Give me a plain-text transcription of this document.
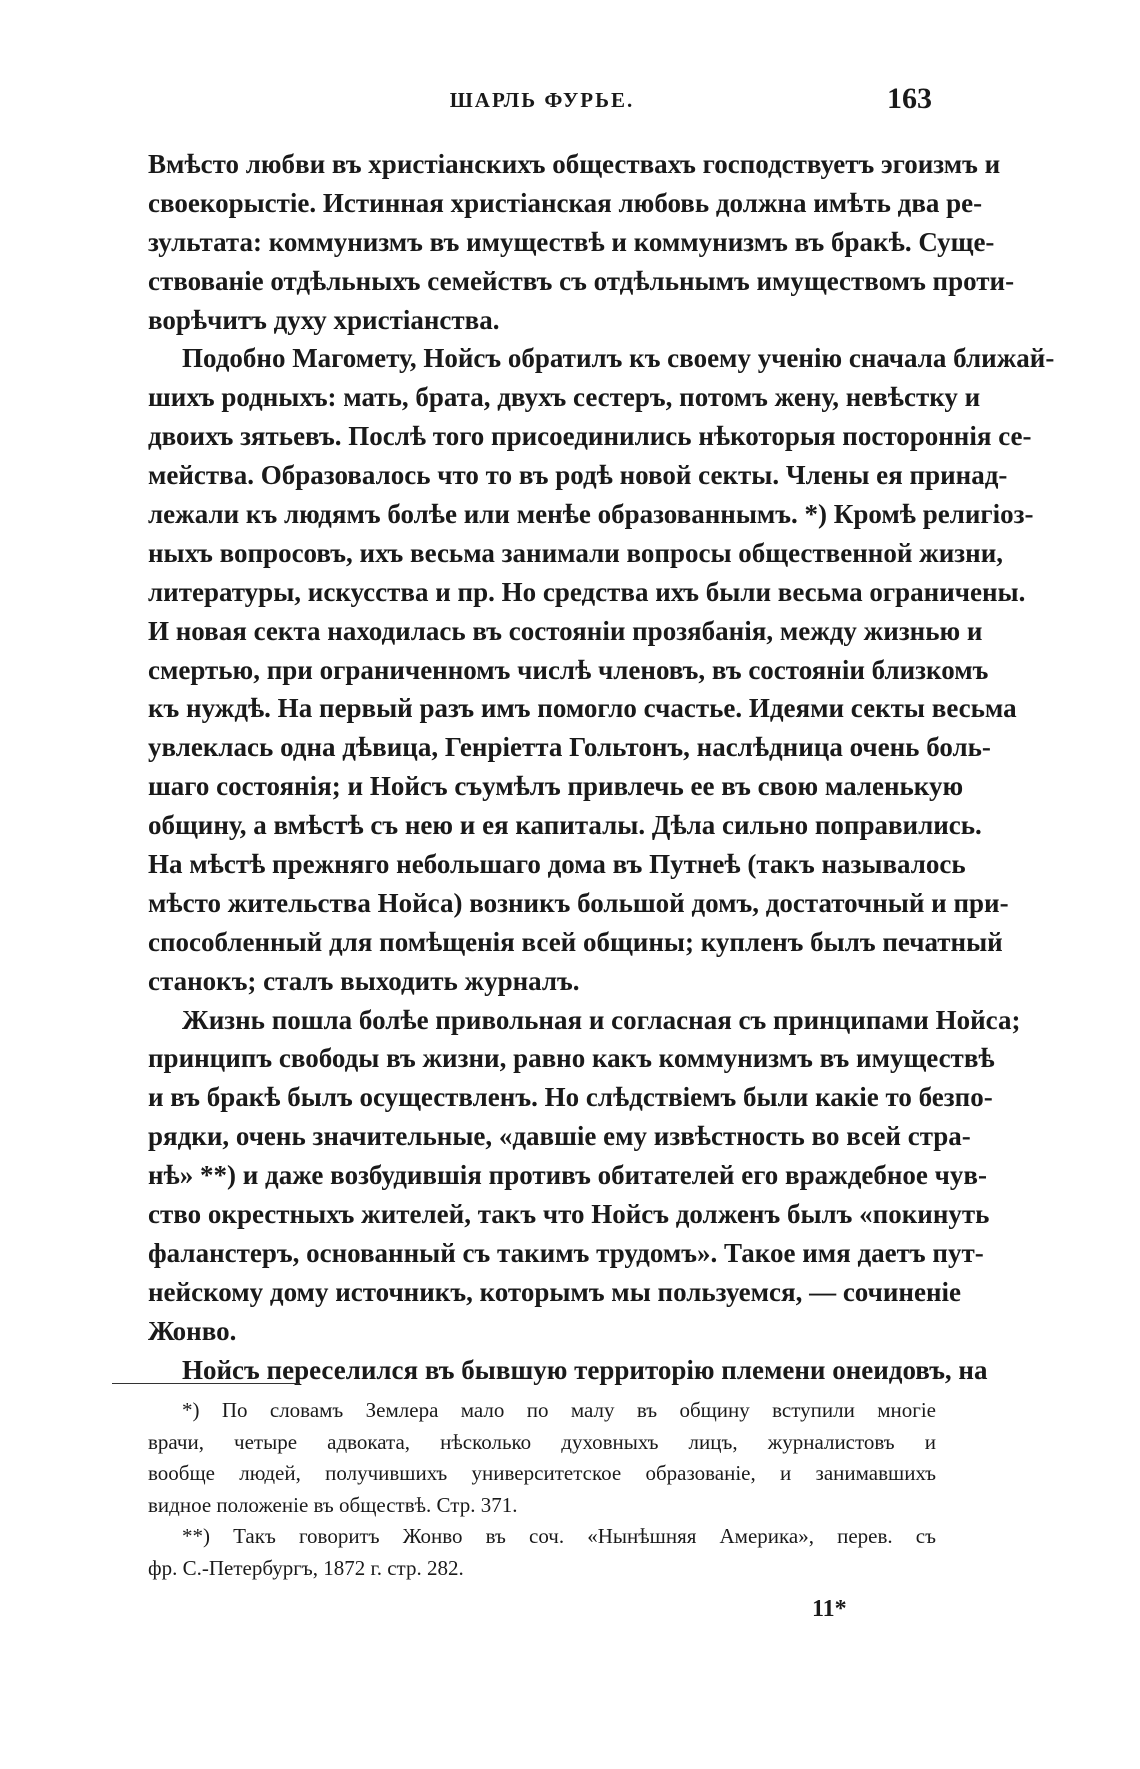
ШАРЛЬ ФУРЬЕ.	163
Вмѣсто любви въ христіанскихъ обществахъ господствуетъ эгоизмъ и
своекорыстіе. Истинная христіанская любовь должна имѣть два ре-
зультата: коммунизмъ въ имуществѣ и коммунизмъ въ бракѣ. Суще-
ствованіе отдѣльныхъ семействъ съ отдѣльнымъ имуществомъ проти-
ворѣчитъ духу христіанства.
Подобно Магомету, Нойсъ обратилъ къ своему ученію сначала ближай-
шихъ родныхъ: мать, брата, двухъ сестеръ, потомъ жену, невѣстку и
двоихъ зятьевъ. Послѣ того присоединились нѣкоторыя постороннія се-
мейства. Образовалось что то въ родѣ новой секты. Члены ея принад-
лежали къ людямъ болѣе или менѣе образованнымъ. *) Кромѣ религіоз-
ныхъ вопросовъ, ихъ весьма занимали вопросы общественной жизни,
литературы, искусства и пр. Но средства ихъ были весьма ограничены.
И новая секта находилась въ состояніи прозябанія, между жизнью и
смертью, при ограниченномъ числѣ членовъ, въ состояніи близкомъ
къ нуждѣ. На первый разъ имъ помогло счастье. Идеями секты весьма
увлеклась одна дѣвица, Генріетта Гольтонъ, наслѣдница очень боль-
шаго состоянія; и Нойсъ съумѣлъ привлечь ее въ свою маленькую
общину, а вмѣстѣ съ нею и ея капиталы. Дѣла сильно поправились.
На мѣстѣ прежняго небольшаго дома въ Путнеѣ (такъ называлось
мѣсто жительства Нойса) возникъ большой домъ, достаточный и при-
способленный для помѣщенія всей общины; купленъ былъ печатный
станокъ; сталъ выходить журналъ.
Жизнь пошла болѣе привольная и согласная съ принципами Нойса;
принципъ свободы въ жизни, равно какъ коммунизмъ въ имуществѣ
и въ бракѣ былъ осуществленъ. Но слѣдствіемъ были какіе то безпо-
рядки, очень значительные, «давшіе ему извѣстность во всей стра-
нѣ» **) и даже возбудившія противъ обитателей его враждебное чув-
ство окрестныхъ жителей, такъ что Нойсъ долженъ былъ «покинуть
фаланстеръ, основанный съ такимъ трудомъ». Такое имя даетъ пут-
нейскому дому источникъ, которымъ мы пользуемся, — сочиненіе
Жонво.
Нойсъ переселился въ бывшую территорію племени онеидовъ, на
*) По словамъ Землера мало по малу въ общину вступили многіе
врачи, четыре адвоката, нѣсколько духовныхъ лицъ, журналистовъ и
вообще людей, получившихъ университетское образованіе, и занимавшихъ
видное положеніе въ обществѣ. Стр. 371.
**) Такъ говоритъ Жонво въ соч. «Нынѣшняя Америка», перев. съ
фр. С.-Петербургъ, 1872 г. стр. 282.
11*
